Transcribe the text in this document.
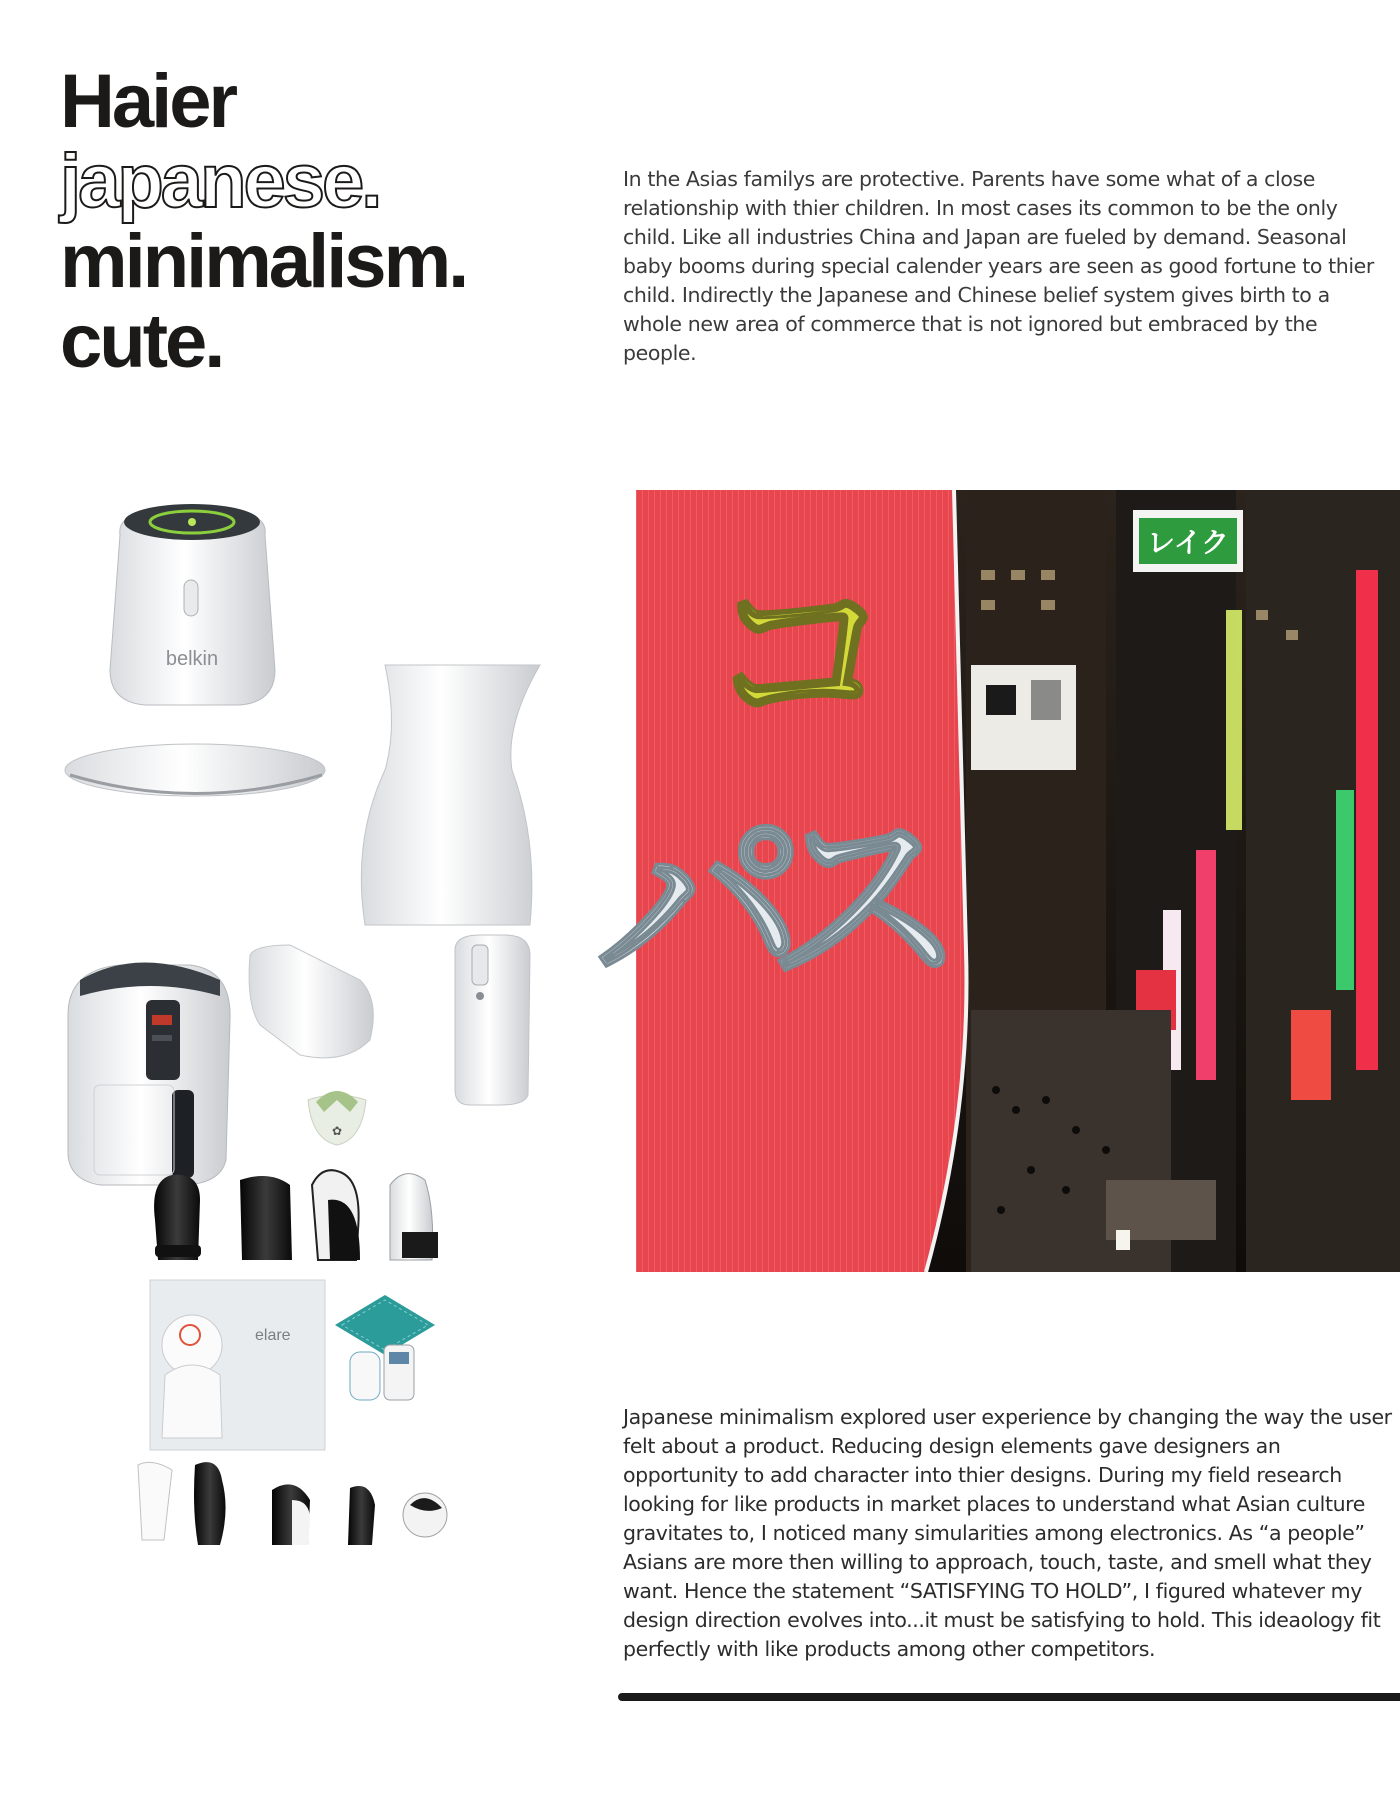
Haier
japanese.
minimalism.
cute.

In the Asias familys are protective. Parents have some what of a close relationship with thier children. In most cases its common to be the only child. Like all industries China and Japan are fueled by demand. Seasonal baby booms during special calender years are seen as good fortune to thier child. Indirectly the Japanese and Chinese belief system gives birth to a whole new area of commerce that is not ignored but embraced by the people.

belkin
✿
elare
レイク
コ
パ
ス

Japanese minimalism explored user experience by changing the way the user felt about a product. Reducing design elements gave designers an opportunity to add character into thier designs. During my field research looking for like products in market places to understand what Asian culture gravitates to, I noticed many simularities among electronics. As “a people” Asians are more then willing to approach, touch, taste, and smell what they want. Hence the statement “SATISFYING TO HOLD”, I figured whatever my design direction evolves into...it must be satisfying to hold. This ideaology fit perfectly with like products among other competitors.
